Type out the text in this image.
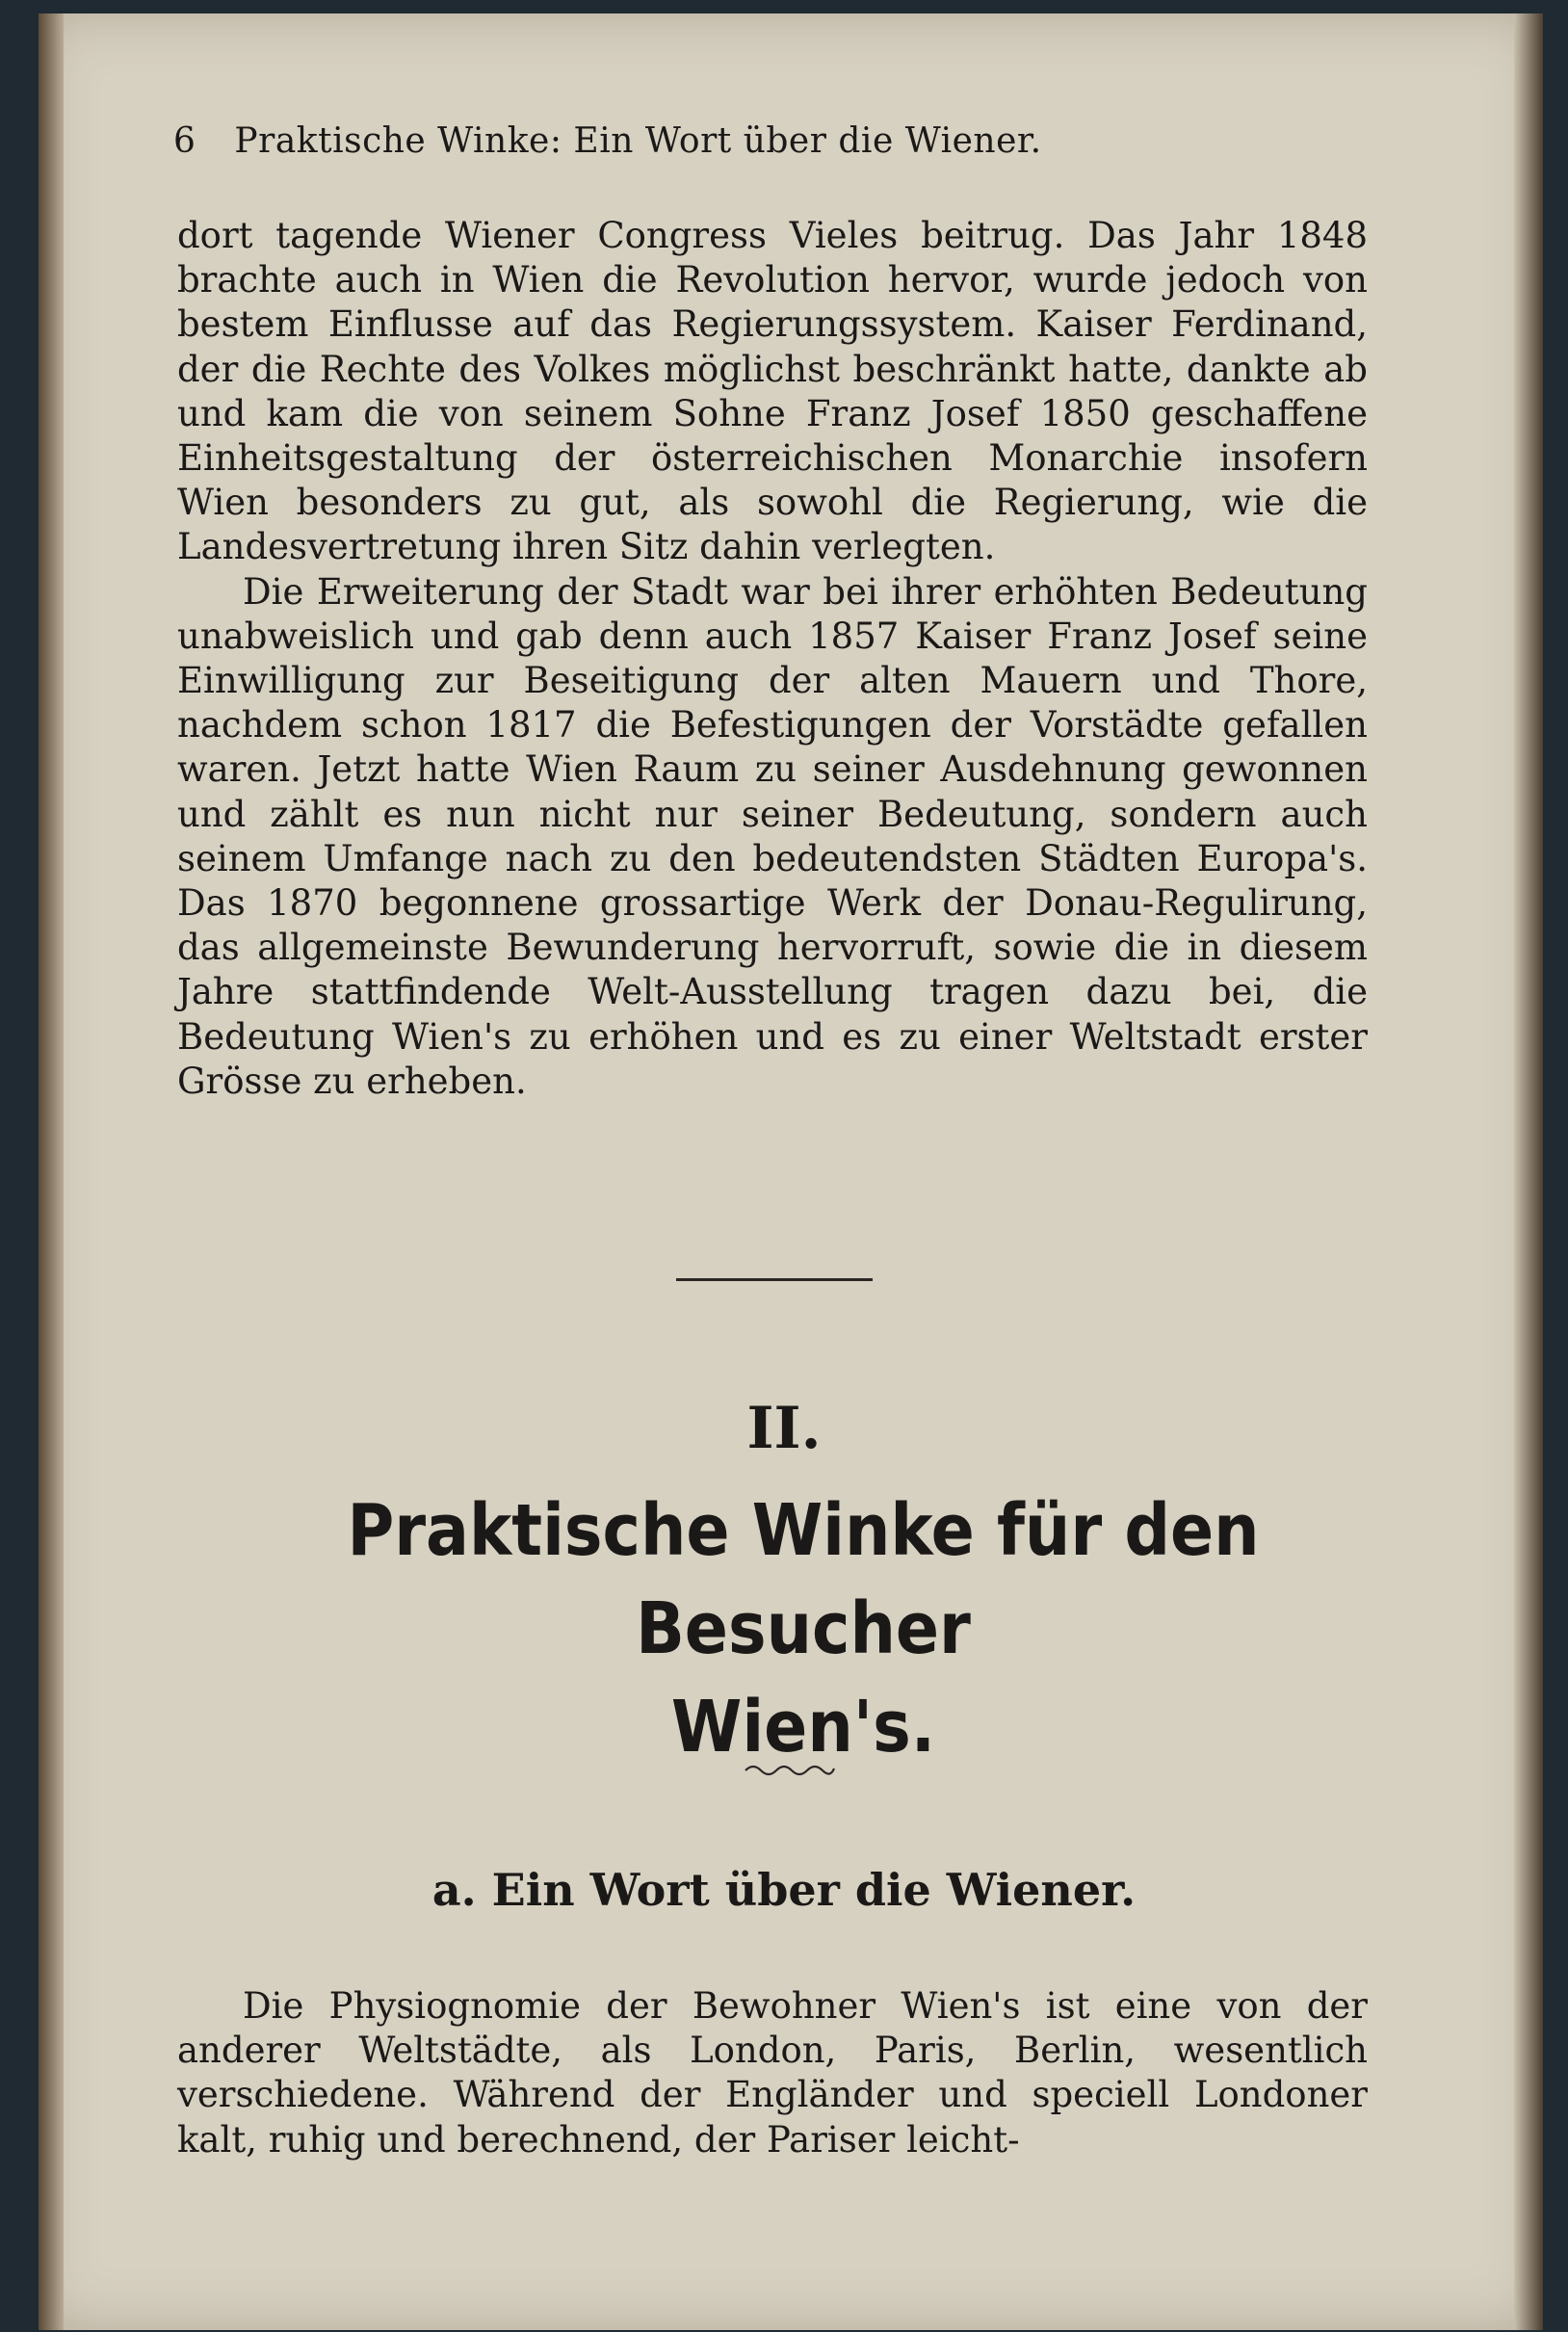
6 Praktische Winke: Ein Wort über die Wiener.

dort tagende Wiener Congress Vieles beitrug. Das Jahr 1848 brachte auch in Wien die Revolution hervor, wurde jedoch von bestem Einflusse auf das Regierungssystem. Kaiser Ferdinand, der die Rechte des Volkes möglichst beschränkt hatte, dankte ab und kam die von seinem Sohne Franz Josef 1850 geschaffene Einheitsgestaltung der österreichischen Monarchie insofern Wien besonders zu gut, als sowohl die Regierung, wie die Landesvertretung ihren Sitz dahin verlegten.

Die Erweiterung der Stadt war bei ihrer erhöhten Bedeutung unabweislich und gab denn auch 1857 Kaiser Franz Josef seine Einwilligung zur Beseitigung der alten Mauern und Thore, nachdem schon 1817 die Befestigungen der Vorstädte gefallen waren. Jetzt hatte Wien Raum zu seiner Ausdehnung gewonnen und zählt es nun nicht nur seiner Bedeutung, sondern auch seinem Umfange nach zu den bedeutendsten Städten Europa's. Das 1870 begonnene grossartige Werk der Donau-Regulirung, das allgemeinste Bewunderung hervorruft, sowie die in diesem Jahre stattfindende Welt-Ausstellung tragen dazu bei, die Bedeutung Wien's zu erhöhen und es zu einer Weltstadt erster Grösse zu erheben.

II.
Praktische Winke für den Besucher
Wien's.
a. Ein Wort über die Wiener.
Die Physiognomie der Bewohner Wien's ist eine von der anderer Weltstädte, als London, Paris, Berlin, wesentlich verschiedene. Während der Engländer und speciell Londoner kalt, ruhig und berechnend, der Pariser leicht-
